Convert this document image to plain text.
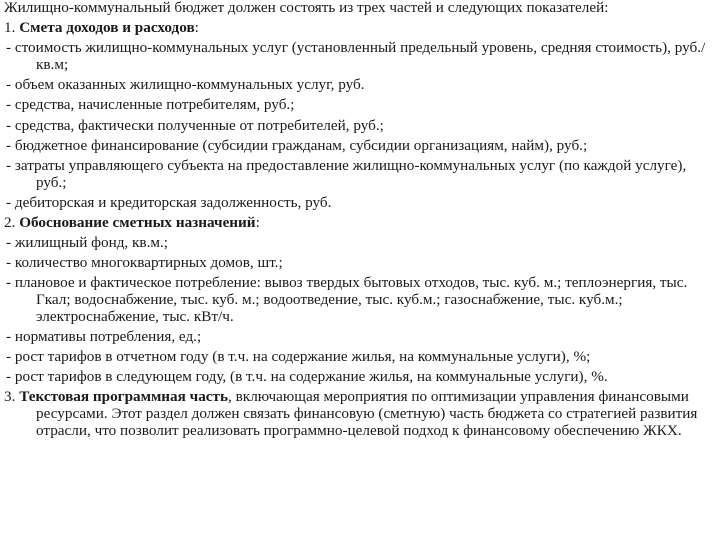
Жилищно-коммунальный бюджет должен состоять из трех частей и следующих показателей:

1. Смета доходов и расходов:

- стоимость жилищно-коммунальных услуг (установленный предельный уровень, средняя стоимость), руб./кв.м;

- объем оказанных жилищно-коммунальных услуг, руб.

- средства, начисленные потребителям, руб.;

- средства, фактически полученные от потребителей, руб.;

- бюджетное финансирование (субсидии гражданам, субсидии организациям, найм), руб.;

- затраты управляющего субъекта на предоставление жилищно-коммунальных услуг (по каждой услуге), руб.;

- дебиторская и кредиторская задолженность, руб.

2. Обоснование сметных назначений:

- жилищный фонд, кв.м.;

- количество многоквартирных домов, шт.;

- плановое и фактическое потребление: вывоз твердых бытовых отходов, тыс. куб. м.; теплоэнергия, тыс. Гкал; водоснабжение, тыс. куб. м.; водоотведение, тыс. куб.м.; газоснабжение, тыс. куб.м.; электроснабжение, тыс. кВт/ч.

- нормативы потребления, ед.;

- рост тарифов в отчетном году (в т.ч. на содержание жилья, на коммунальные услуги), %;

- рост тарифов в следующем году, (в т.ч. на содержание жилья, на коммунальные услуги), %.

3. Текстовая программная часть, включающая мероприятия по оптимизации управления финансовыми ресурсами. Этот раздел должен связать финансовую (сметную) часть бюджета со стратегией развития отрасли, что позволит реализовать программно-целевой подход к финансовому обеспечению ЖКХ.
